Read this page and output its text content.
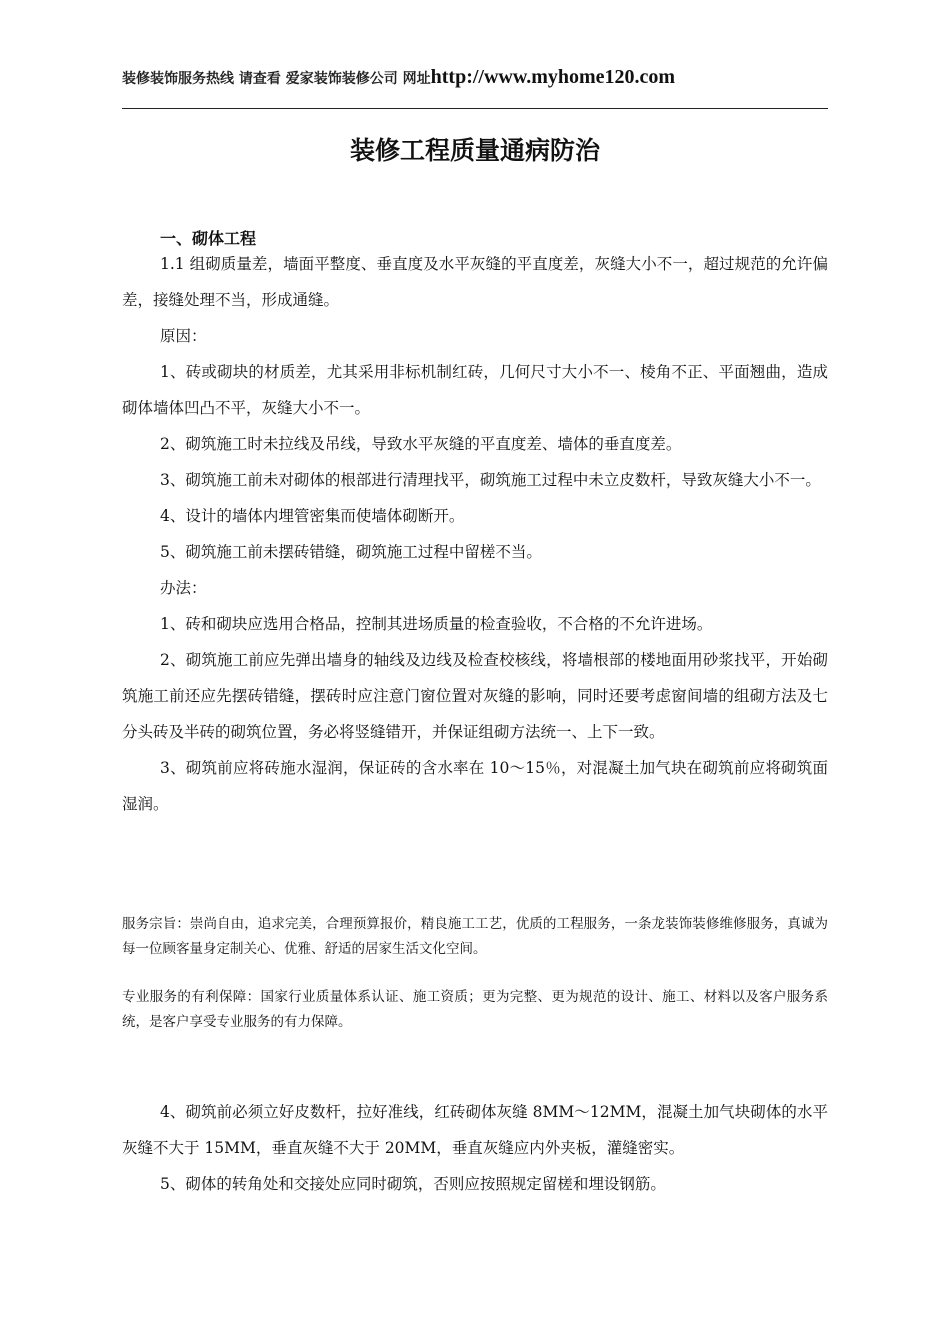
装修装饰服务热线 请查看 爱家装饰装修公司 网址http://www.myhome120.com
装修工程质量通病防治
一、砌体工程

1.1 组砌质量差，墙面平整度、垂直度及水平灰缝的平直度差，灰缝大小不一，超过规范的允许偏差，接缝处理不当，形成通缝。

原因：

1、砖或砌块的材质差，尤其采用非标机制红砖，几何尺寸大小不一、棱角不正、平面翘曲，造成砌体墙体凹凸不平，灰缝大小不一。

2、砌筑施工时未拉线及吊线，导致水平灰缝的平直度差、墙体的垂直度差。

3、砌筑施工前未对砌体的根部进行清理找平，砌筑施工过程中未立皮数杆，导致灰缝大小不一。

4、设计的墙体内埋管密集而使墙体砌断开。

5、砌筑施工前未摆砖错缝，砌筑施工过程中留槎不当。

办法：

1、砖和砌块应选用合格品，控制其进场质量的检查验收，不合格的不允许进场。

2、砌筑施工前应先弹出墙身的轴线及边线及检查校核线，将墙根部的楼地面用砂浆找平，开始砌筑施工前还应先摆砖错缝，摆砖时应注意门窗位置对灰缝的影响，同时还要考虑窗间墙的组砌方法及七分头砖及半砖的砌筑位置，务必将竖缝错开，并保证组砌方法统一、上下一致。

3、砌筑前应将砖施水湿润，保证砖的含水率在 10～15％，对混凝土加气块在砌筑前应将砌筑面湿润。

服务宗旨：崇尚自由，追求完美，合理预算报价，精良施工工艺，优质的工程服务，一条龙装饰装修维修服务，真诚为每一位顾客量身定制关心、优雅、舒适的居家生活文化空间。

专业服务的有利保障：国家行业质量体系认证、施工资质；更为完整、更为规范的设计、施工、材料以及客户服务系统，是客户享受专业服务的有力保障。

4、砌筑前必须立好皮数杆，拉好准线，红砖砌体灰缝 8MM～12MM，混凝土加气块砌体的水平灰缝不大于 15MM，垂直灰缝不大于 20MM，垂直灰缝应内外夹板，灌缝密实。

5、砌体的转角处和交接处应同时砌筑，否则应按照规定留槎和埋设钢筋。
